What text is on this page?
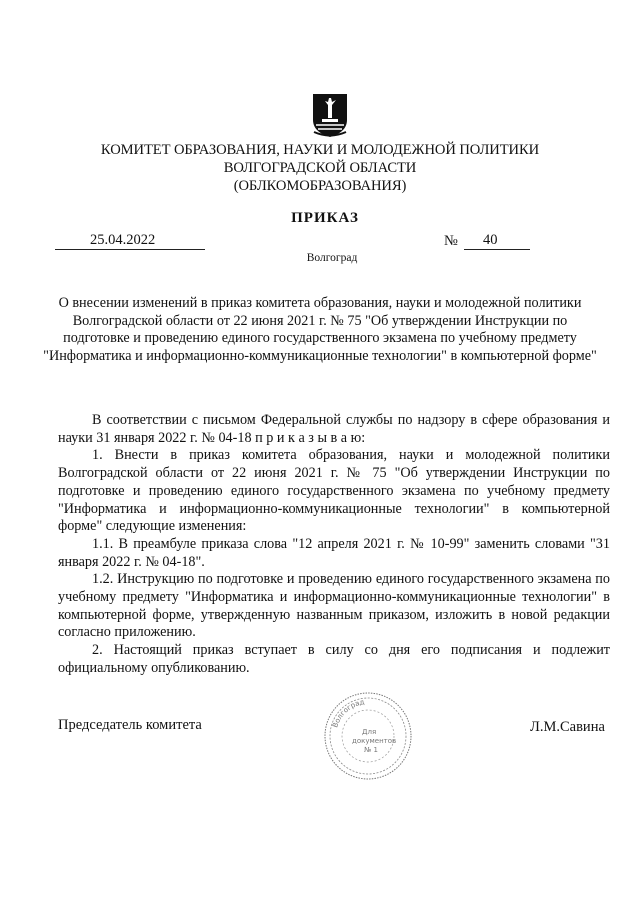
КОМИТЕТ ОБРАЗОВАНИЯ, НАУКИ И МОЛОДЕЖНОЙ ПОЛИТИКИ
ВОЛГОГРАДСКОЙ ОБЛАСТИ
(ОБЛКОМОБРАЗОВАНИЯ)
ПРИКАЗ
25.04.2022	№ 40
Волгоград
О внесении изменений в приказ комитета образования, науки и молодежной политики Волгоградской области от 22 июня 2021 г. № 75 "Об утверждении Инструкции по подготовке и проведению единого государственного экзамена по учебному предмету "Информатика и информационно-коммуникационные технологии" в компьютерной форме"

В соответствии с письмом Федеральной службы по надзору в сфере образования и науки 31 января 2022 г. № 04-18 п р и к а з ы в а ю:

1. Внести в приказ комитета образования, науки и молодежной политики Волгоградской области от 22 июня 2021 г. № 75 "Об утверждении Инструкции по подготовке и проведению единого государственного экзамена по учебному предмету "Информатика и информационно-коммуникационные технологии" в компьютерной форме" следующие изменения:

1.1. В преамбуле приказа слова "12 апреля 2021 г. № 10-99" заменить словами "31 января 2022 г. № 04-18".

1.2. Инструкцию по подготовке и проведению единого государственного экзамена по учебному предмету "Информатика и информационно-коммуникационные технологии" в компьютерной форме, утвержденную названным приказом, изложить в новой редакции согласно приложению.

2. Настоящий приказ вступает в силу со дня его подписания и подлежит официальному опубликованию.

Председатель комитета	Волгоград
Для
документов
№ 1
Л.М.Савина
